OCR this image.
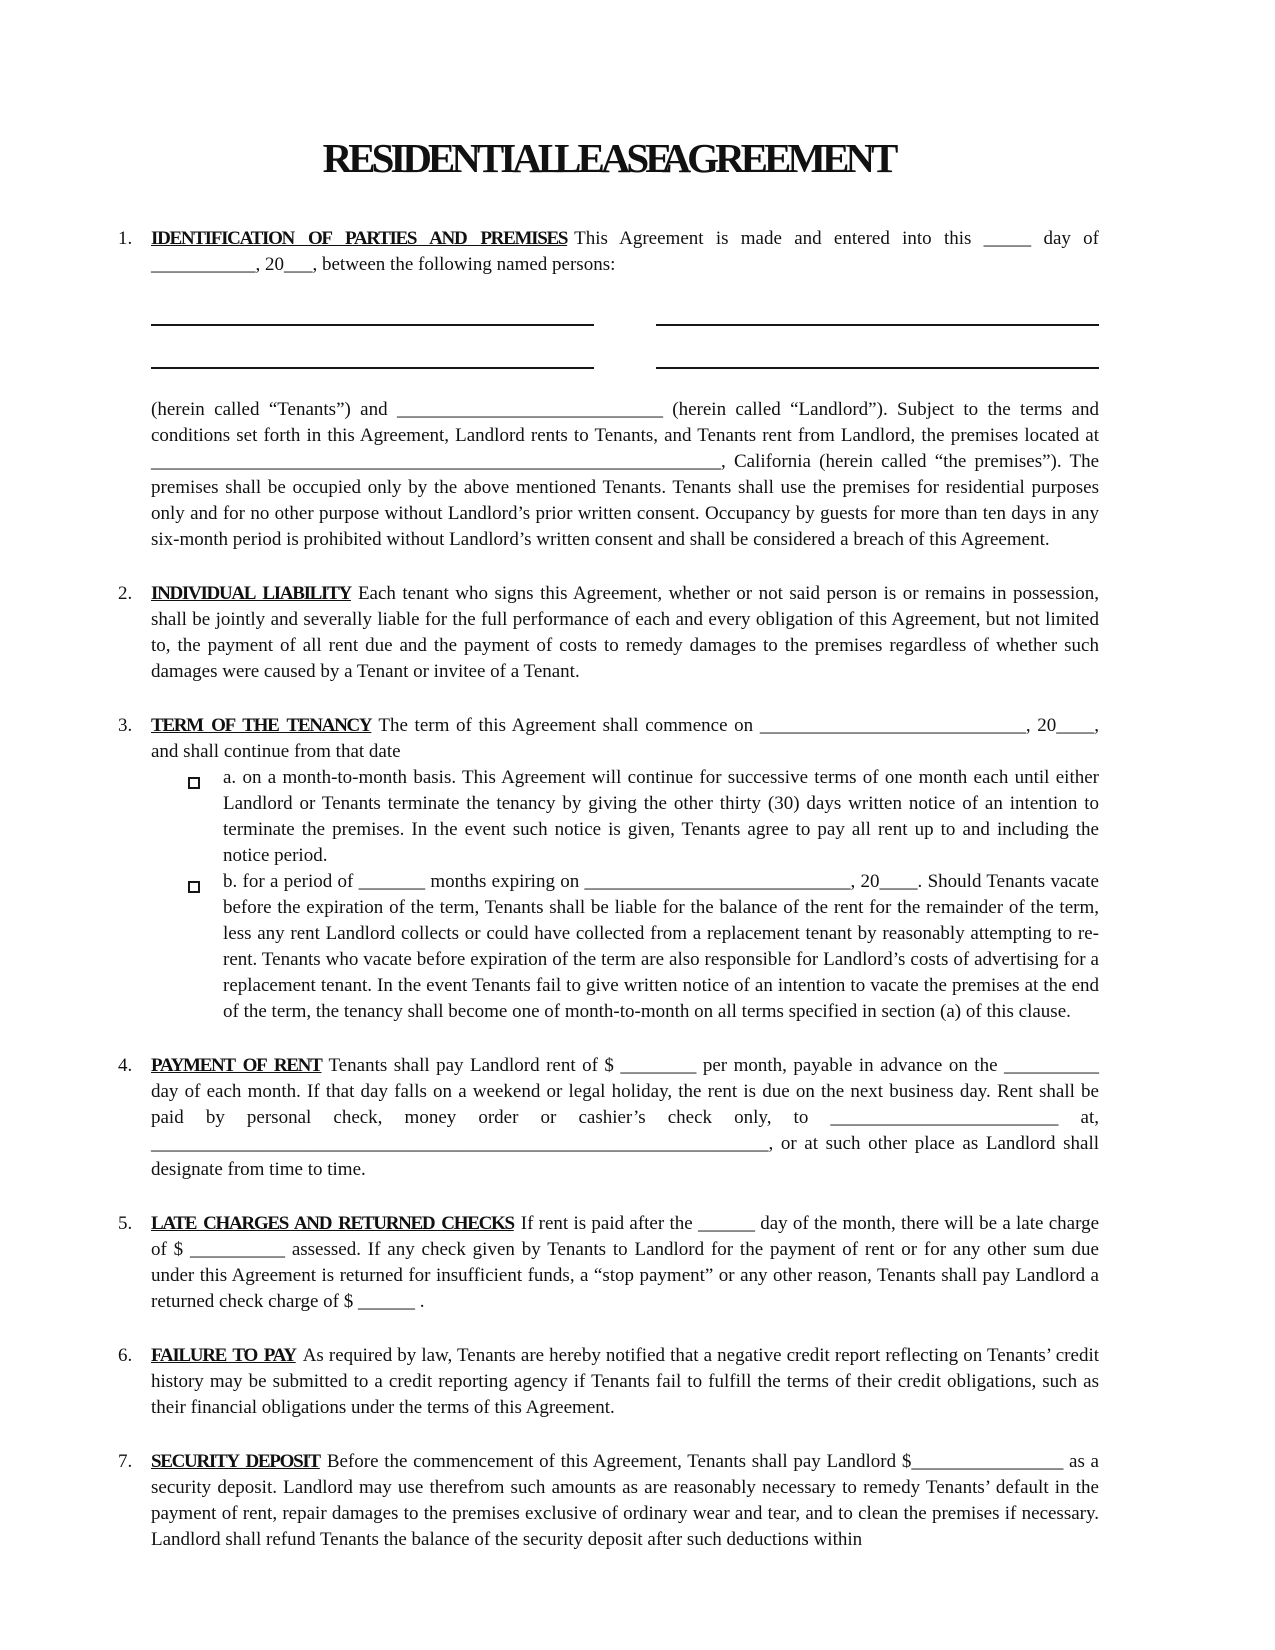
RESIDENTIAL LEASE AGREEMENT
1. IDENTIFICATION OF PARTIES AND PREMISES This Agreement is made and entered into this _____ day of ___________, 20___, between the following named persons:

(herein called “Tenants”) and ____________________________ (herein called “Landlord”). Subject to the terms and conditions set forth in this Agreement, Landlord rents to Tenants, and Tenants rent from Landlord, the premises located at ____________________________________________________________, California (herein called “the premises”). The premises shall be occupied only by the above mentioned Tenants. Tenants shall use the premises for residential purposes only and for no other purpose without Landlord’s prior written consent. Occupancy by guests for more than ten days in any six-month period is prohibited without Landlord’s written consent and shall be considered a breach of this Agreement.

2. INDIVIDUAL LIABILITY Each tenant who signs this Agreement, whether or not said person is or remains in possession, shall be jointly and severally liable for the full performance of each and every obligation of this Agreement, but not limited to, the payment of all rent due and the payment of costs to remedy damages to the premises regardless of whether such damages were caused by a Tenant or invitee of a Tenant.

3. TERM OF THE TENANCY The term of this Agreement shall commence on ____________________________, 20____, and shall continue from that date

a. on a month-to-month basis. This Agreement will continue for successive terms of one month each until either Landlord or Tenants terminate the tenancy by giving the other thirty (30) days written notice of an intention to terminate the premises. In the event such notice is given, Tenants agree to pay all rent up to and including the notice period.
b. for a period of _______ months expiring on ____________________________, 20____. Should Tenants vacate before the expiration of the term, Tenants shall be liable for the balance of the rent for the remainder of the term, less any rent Landlord collects or could have collected from a replacement tenant by reasonably attempting to re-rent. Tenants who vacate before expiration of the term are also responsible for Landlord’s costs of advertising for a replacement tenant. In the event Tenants fail to give written notice of an intention to vacate the premises at the end of the term, the tenancy shall become one of month-to-month on all terms specified in section (a) of this clause.
4. PAYMENT OF RENT Tenants shall pay Landlord rent of $ ________ per month, payable in advance on the __________ day of each month. If that day falls on a weekend or legal holiday, the rent is due on the next business day. Rent shall be paid by personal check, money order or cashier’s check only, to ________________________ at, _________________________________________________________________, or at such other place as Landlord shall designate from time to time.

5. LATE CHARGES AND RETURNED CHECKS If rent is paid after the ______ day of the month, there will be a late charge of $ __________ assessed. If any check given by Tenants to Landlord for the payment of rent or for any other sum due under this Agreement is returned for insufficient funds, a “stop payment” or any other reason, Tenants shall pay Landlord a returned check charge of $ ______ .

6. FAILURE TO PAY As required by law, Tenants are hereby notified that a negative credit report reflecting on Tenants’ credit history may be submitted to a credit reporting agency if Tenants fail to fulfill the terms of their credit obligations, such as their financial obligations under the terms of this Agreement.

7. SECURITY DEPOSIT Before the commencement of this Agreement, Tenants shall pay Landlord $________________ as a security deposit. Landlord may use therefrom such amounts as are reasonably necessary to remedy Tenants’ default in the payment of rent, repair damages to the premises exclusive of ordinary wear and tear, and to clean the premises if necessary. Landlord shall refund Tenants the balance of the security deposit after such deductions within
